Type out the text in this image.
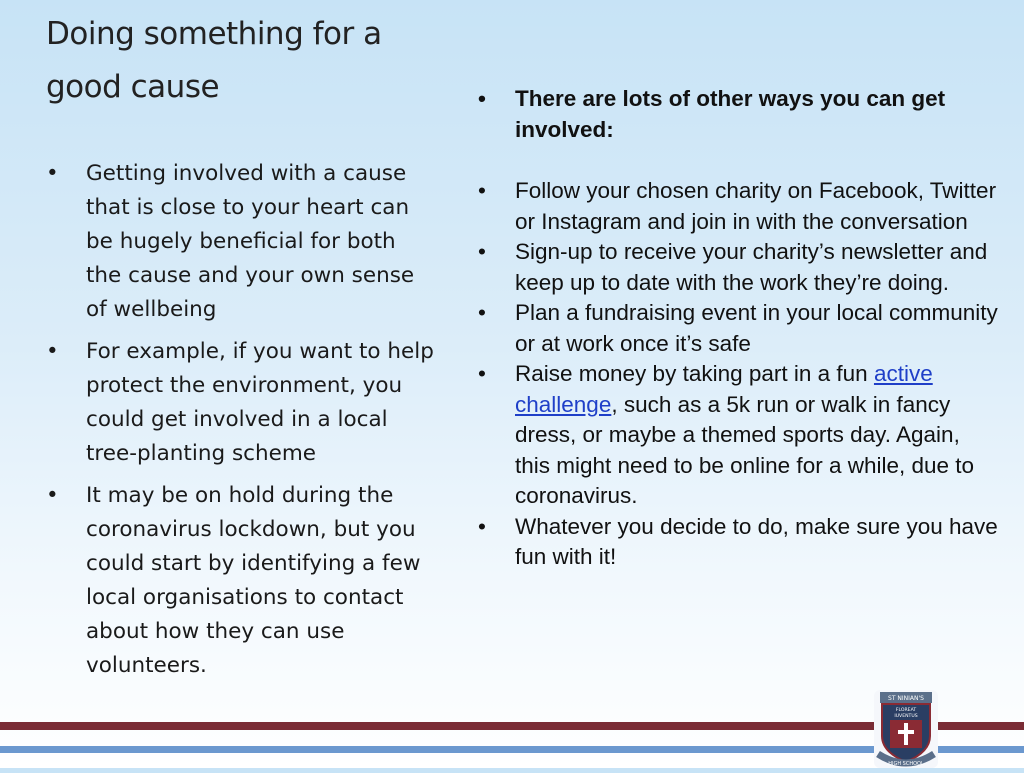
Doing something for a good cause
• Getting involved with a cause that is close to your heart can be hugely beneficial for both the cause and your own sense of wellbeing
• For example, if you want to help protect the environment, you could get involved in a local tree-planting scheme
• It may be on hold during the coronavirus lockdown, but you could start by identifying a few local organisations to contact about how they can use volunteers.
• There are lots of other ways you can get involved:
• Follow your chosen charity on Facebook, Twitter or Instagram and join in with the conversation
• Sign-up to receive your charity’s newsletter and keep up to date with the work they’re doing.
• Plan a fundraising event in your local community or at work once it’s safe
• Raise money by taking part in a fun active challenge, such as a 5k run or walk in fancy dress, or maybe a themed sports day. Again, this might need to be online for a while, due to coronavirus.
• Whatever you decide to do, make sure you have fun with it!
ST NINIAN'S
FLOREAT
IUVENTUS
HIGH SCHOOL
